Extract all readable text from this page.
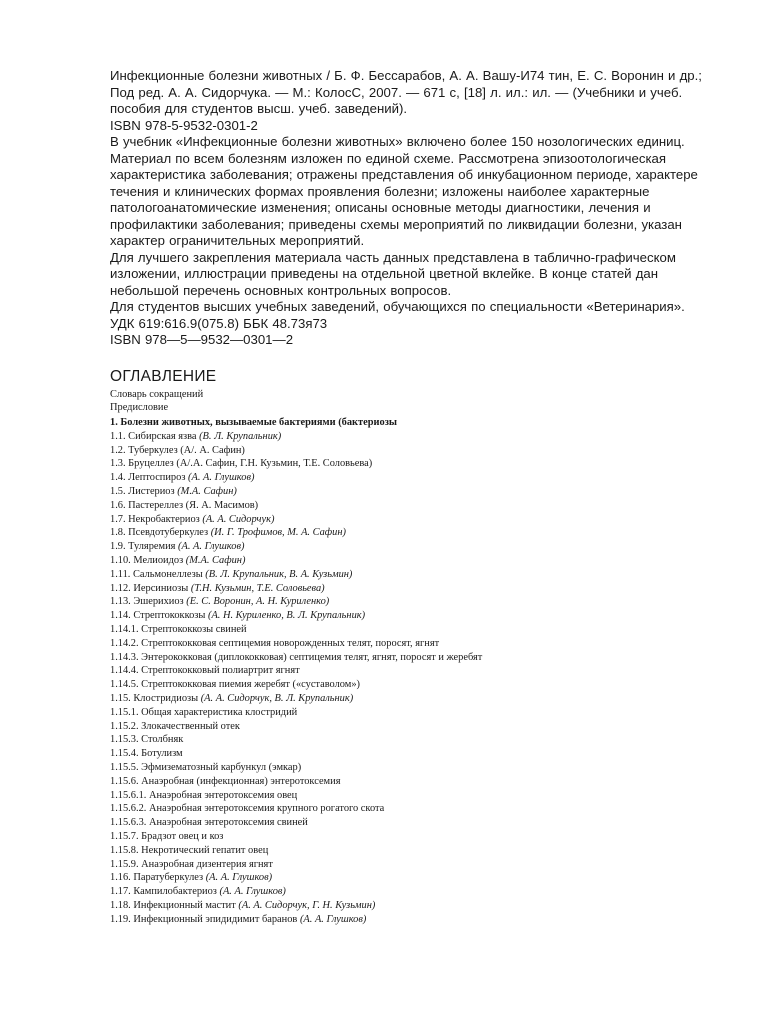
Инфекционные болезни животных / Б. Ф. Бессарабов, А. А. Вашу-И74 тин, Е. С. Воронин и др.; Под ред. А. А. Сидорчука. — М.: КолосС, 2007. — 671 с, [18] л. ил.: ил. — (Учебники и учеб. пособия для студентов высш. учеб. заведений).

ISBN 978-5-9532-0301-2

В учебник «Инфекционные болезни животных» включено более 150 нозологических единиц. Материал по всем болезням изложен по единой схеме. Рассмотрена эпизоотологическая характеристика заболевания; отражены представления об инкубационном периоде, характере течения и клинических формах проявления болезни; изложены наиболее характерные патологоанатомические изменения; описаны основные методы диагностики, лечения и профилактики заболевания; приведены схемы мероприятий по ликвидации болезни, указан характер ограничительных мероприятий.

Для лучшего закрепления материала часть данных представлена в таблично-графическом изложении, иллюстрации приведены на отдельной цветной вклейке. В конце статей дан небольшой перечень основных контрольных вопросов.

Для студентов высших учебных заведений, обучающихся по специальности «Ветеринария».

УДК 619:616.9(075.8) ББК 48.73я73

ISBN 978—5—9532—0301—2

ОГЛАВЛЕНИЕ
Словарь сокращений
Предисловие
1. Болезни животных, вызываемые бактериями (бактериозы
1.1. Сибирская язва (В. Л. Крупальник)
1.2. Туберкулез (А/. А. Сафин)
1.3. Бруцеллез (А/.А. Сафин, Г.Н. Кузьмин, Т.Е. Соловьева)
1.4. Лептоспироз (А. А. Глушков)
1.5. Листериоз (М.А. Сафин)
1.6. Пастереллез (Я. А. Масимов)
1.7. Некробактериоз (А. А. Сидорчук)
1.8. Псевдотуберкулез (И. Г. Трофимов, М. А. Сафин)
1.9. Туляремия (А. А. Глушков)
1.10. Мелиоидоз (М.А. Сафин)
1.11. Сальмонеллезы (В. Л. Крупальник, В. А. Кузьмин)
1.12. Иерсиниозы (Т.Н. Кузьмин, Т.Е. Соловьева)
1.13. Эшерихиоз (Е. С. Воронин, А. Н. Куриленко)
1.14. Стрептококкозы (А. Н. Куриленко, В. Л. Крупальник)
1.14.1. Стрептококкозы свиней
1.14.2. Стрептококковая септицемия новорожденных телят, поросят, ягнят
1.14.3. Энтерококковая (диплококковая) септицемия телят, ягнят, поросят и жеребят
1.14.4. Стрептококковый полиартрит ягнят
1.14.5. Стрептококковая пиемия жеребят («суставолом»)
1.15. Клостридиозы (А. А. Сидорчук, В. Л. Крупальник)
1.15.1. Общая характеристика клостридий
1.15.2. Злокачественный отек
1.15.3. Столбняк
1.15.4. Ботулизм
1.15.5. Эфмизематозный карбункул (эмкар)
1.15.6. Анаэробная (инфекционная) энтеротоксемия
1.15.6.1. Анаэробная энтеротоксемия овец
1.15.6.2. Анаэробная энтеротоксемия крупного рогатого скота
1.15.6.3. Анаэробная энтеротоксемия свиней
1.15.7. Брадзот овец и коз
1.15.8. Некротический гепатит овец
1.15.9. Анаэробная дизентерия ягнят
1.16. Паратуберкулез (А. А. Глушков)
1.17. Кампилобактериоз (А. А. Глушков)
1.18. Инфекционный мастит (А. А. Сидорчук, Г. Н. Кузьмин)
1.19. Инфекционный эпидидимит баранов (А. А. Глушков)
